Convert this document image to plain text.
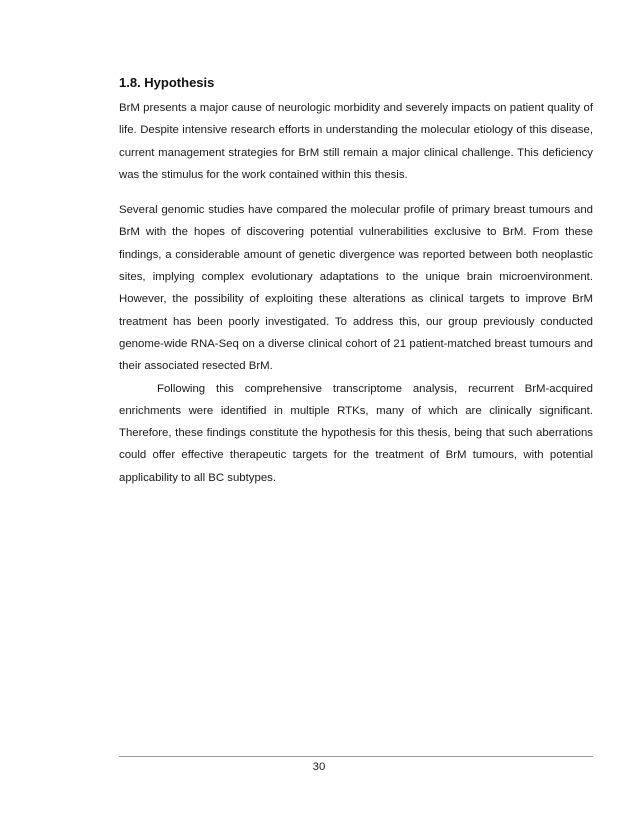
1.8. Hypothesis

BrM presents a major cause of neurologic morbidity and severely impacts on patient quality of life. Despite intensive research efforts in understanding the molecular etiology of this disease, current management strategies for BrM still remain a major clinical challenge. This deficiency was the stimulus for the work contained within this thesis.

Several genomic studies have compared the molecular profile of primary breast tumours and BrM with the hopes of discovering potential vulnerabilities exclusive to BrM. From these findings, a considerable amount of genetic divergence was reported between both neoplastic sites, implying complex evolutionary adaptations to the unique brain microenvironment. However, the possibility of exploiting these alterations as clinical targets to improve BrM treatment has been poorly investigated. To address this, our group previously conducted genome-wide RNA-Seq on a diverse clinical cohort of 21 patient-matched breast tumours and their associated resected BrM.

Following this comprehensive transcriptome analysis, recurrent BrM-acquired enrichments were identified in multiple RTKs, many of which are clinically significant. Therefore, these findings constitute the hypothesis for this thesis, being that such aberrations could offer effective therapeutic targets for the treatment of BrM tumours, with potential applicability to all BC subtypes.

30
